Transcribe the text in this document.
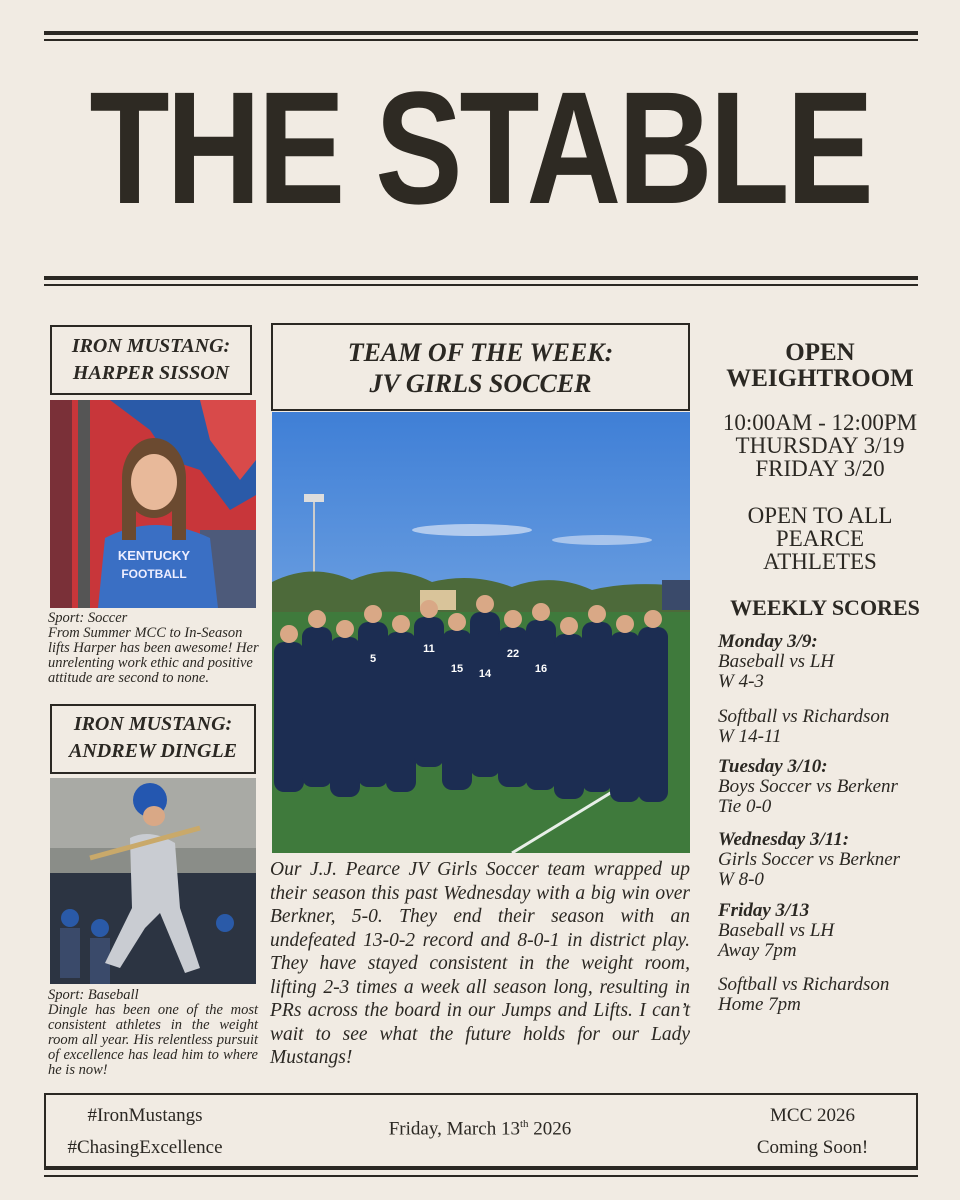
THE STABLE
IRON MUSTANG:
HARPER SISSON
KENTUCKY
FOOTBALL
Sport: Soccer
From Summer MCC to In-Season lifts Harper has been awesome! Her unrelenting work ethic and positive attitude are second to none.
IRON MUSTANG:
ANDREW DINGLE
Sport: Baseball
Dingle has been one of the most consistent athletes in the weight room all year. His relentless pursuit of excellence has lead him to where he is now!
TEAM OF THE WEEK:
JV GIRLS SOCCER
5
11
15 14
22
16
Our J.J. Pearce JV Girls Soccer team wrapped up their season this past Wednesday with a big win over Berkner, 5-0. They end their season with an undefeated 13-0-2 record and 8-0-1 in district play. They have stayed consistent in the weight room, lifting 2-3 times a week all season long, resulting in PRs across the board in our Jumps and Lifts. I can’t wait to see what the future holds for our Lady Mustangs!
OPEN
WEIGHTROOM
10:00AM - 12:00PM
THURSDAY 3/19
FRIDAY 3/20
OPEN TO ALL
PEARCE
ATHLETES
WEEKLY SCORES
Monday 3/9:
Baseball vs LH
W 4-3
Softball vs Richardson
W 14-11
Tuesday 3/10:
Boys Soccer vs Berkenr
Tie 0-0
Wednesday 3/11:
Girls Soccer vs Berkner
W 8-0
Friday 3/13
Baseball vs LH
Away 7pm
Softball vs Richardson
Home 7pm
#IronMustangs
#ChasingExcellence
Friday, March 13th 2026
MCC 2026
Coming Soon!
